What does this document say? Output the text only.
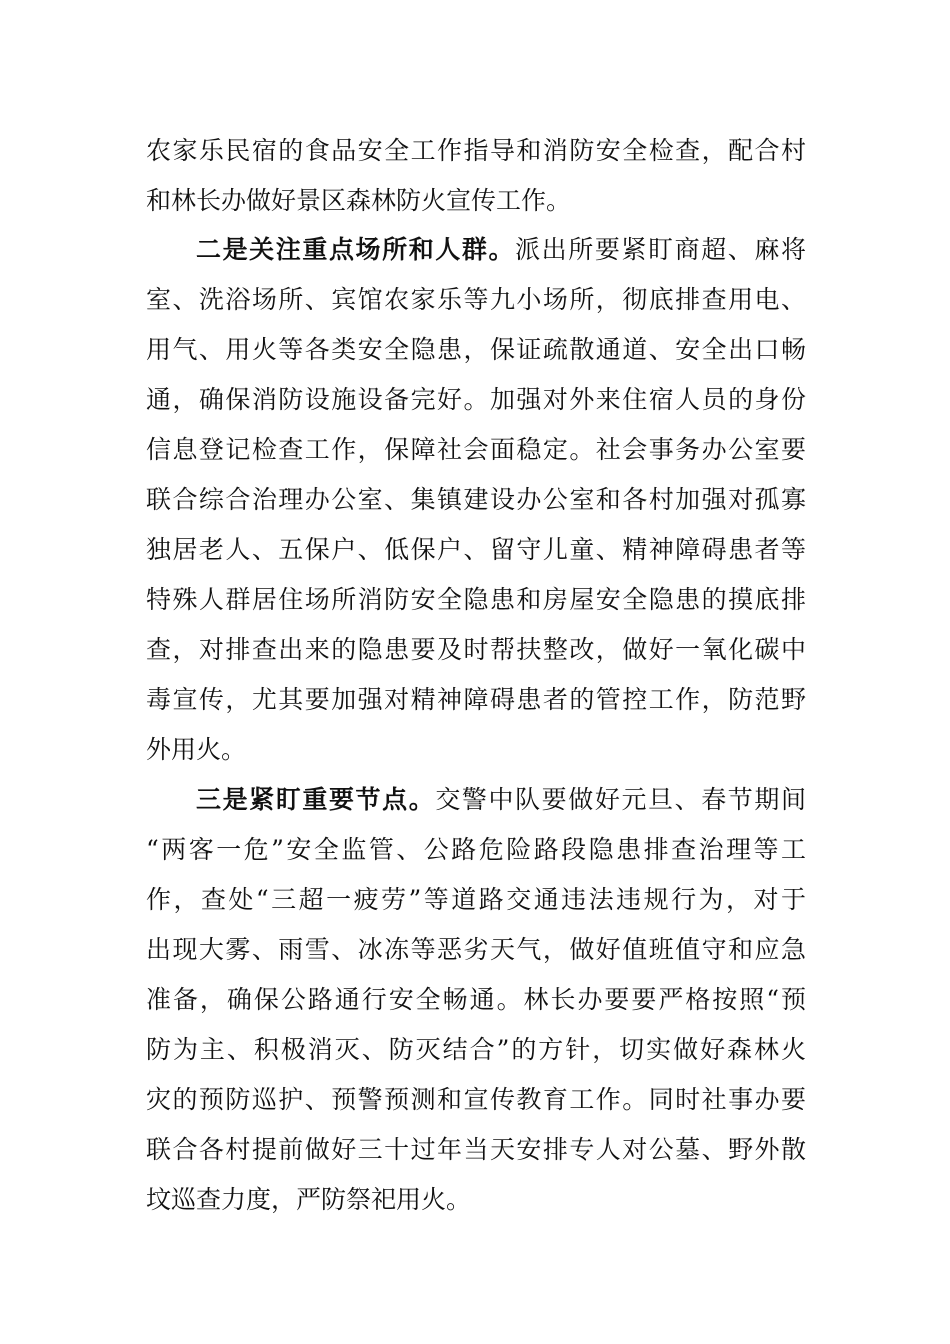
农家乐民宿的食品安全工作指导和消防安全检查，配合村
和林长办做好景区森林防火宣传工作。
二是关注重点场所和人群。派出所要紧盯商超、麻将
室、洗浴场所、宾馆农家乐等九小场所，彻底排查用电、
用气、用火等各类安全隐患，保证疏散通道、安全出口畅
通，确保消防设施设备完好。加强对外来住宿人员的身份
信息登记检查工作，保障社会面稳定。社会事务办公室要
联合综合治理办公室、集镇建设办公室和各村加强对孤寡
独居老人、五保户、低保户、留守儿童、精神障碍患者等
特殊人群居住场所消防安全隐患和房屋安全隐患的摸底排
查，对排查出来的隐患要及时帮扶整改，做好一氧化碳中
毒宣传，尤其要加强对精神障碍患者的管控工作，防范野
外用火。
三是紧盯重要节点。交警中队要做好元旦、春节期间
“两客一危”安全监管、公路危险路段隐患排查治理等工
作，查处“三超一疲劳”等道路交通违法违规行为，对于
出现大雾、雨雪、冰冻等恶劣天气，做好值班值守和应急
准备，确保公路通行安全畅通。林长办要要严格按照“预
防为主、积极消灭、防灭结合”的方针，切实做好森林火
灾的预防巡护、预警预测和宣传教育工作。同时社事办要
联合各村提前做好三十过年当天安排专人对公墓、野外散
坟巡查力度，严防祭祀用火。
